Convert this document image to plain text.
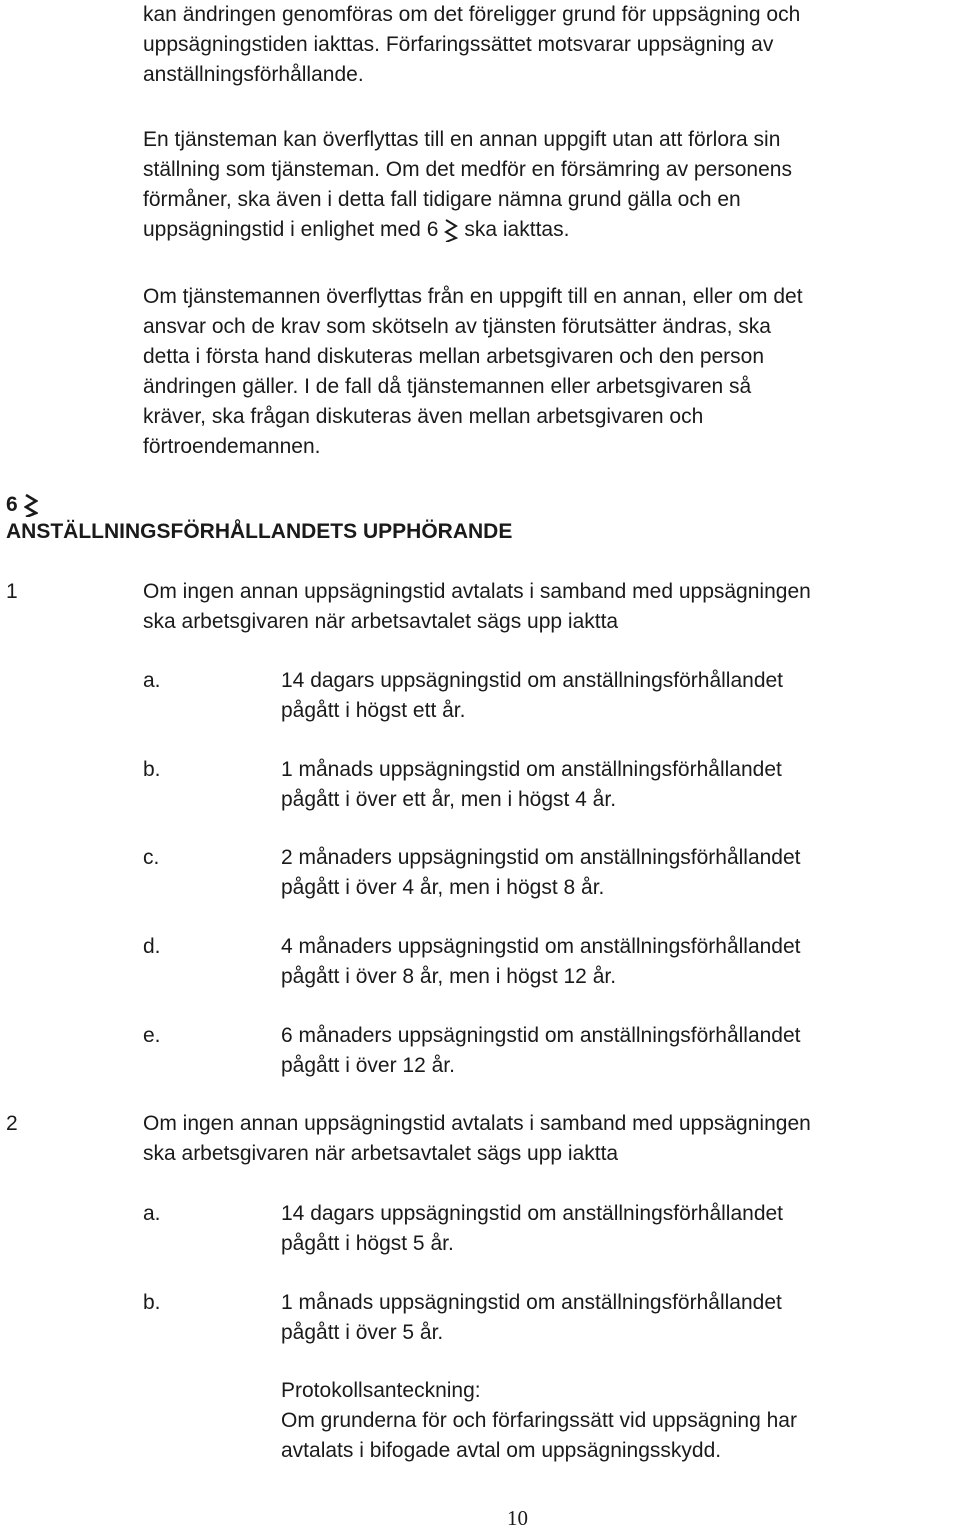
kan ändringen genomföras om det föreligger grund för uppsägning och
uppsägningstiden iakttas. Förfaringssättet motsvarar uppsägning av
anställningsförhållande.
En tjänsteman kan överflyttas till en annan uppgift utan att förlora sin
ställning som tjänsteman. Om det medför en försämring av personens
förmåner, ska även i detta fall tidigare nämna grund gälla och en
uppsägningstid i enlighet med 6 ska iakttas.
Om tjänstemannen överflyttas från en uppgift till en annan, eller om det
ansvar och de krav som skötseln av tjänsten förutsätter ändras, ska
detta i första hand diskuteras mellan arbetsgivaren och den person
ändringen gäller. I de fall då tjänstemannen eller arbetsgivaren så
kräver, ska frågan diskuteras även mellan arbetsgivaren och
förtroendemannen.
6
ANSTÄLLNINGSFÖRHÅLLANDETS UPPHÖRANDE
1	Om ingen annan uppsägningstid avtalats i samband med uppsägningen
ska arbetsgivaren när arbetsavtalet sägs upp iaktta
a.	14 dagars uppsägningstid om anställningsförhållandet
pågått i högst ett år.
b.	1 månads uppsägningstid om anställningsförhållandet
pågått i över ett år, men i högst 4 år.
c.	2 månaders uppsägningstid om anställningsförhållandet
pågått i över 4 år, men i högst 8 år.
d.	4 månaders uppsägningstid om anställningsförhållandet
pågått i över 8 år, men i högst 12 år.
e.	6 månaders uppsägningstid om anställningsförhållandet
pågått i över 12 år.
2	Om ingen annan uppsägningstid avtalats i samband med uppsägningen
ska arbetsgivaren när arbetsavtalet sägs upp iaktta
a.	14 dagars uppsägningstid om anställningsförhållandet
pågått i högst 5 år.
b.	1 månads uppsägningstid om anställningsförhållandet
pågått i över 5 år.
Protokollsanteckning:
Om grunderna för och förfaringssätt vid uppsägning har
avtalats i bifogade avtal om uppsägningsskydd.
10
